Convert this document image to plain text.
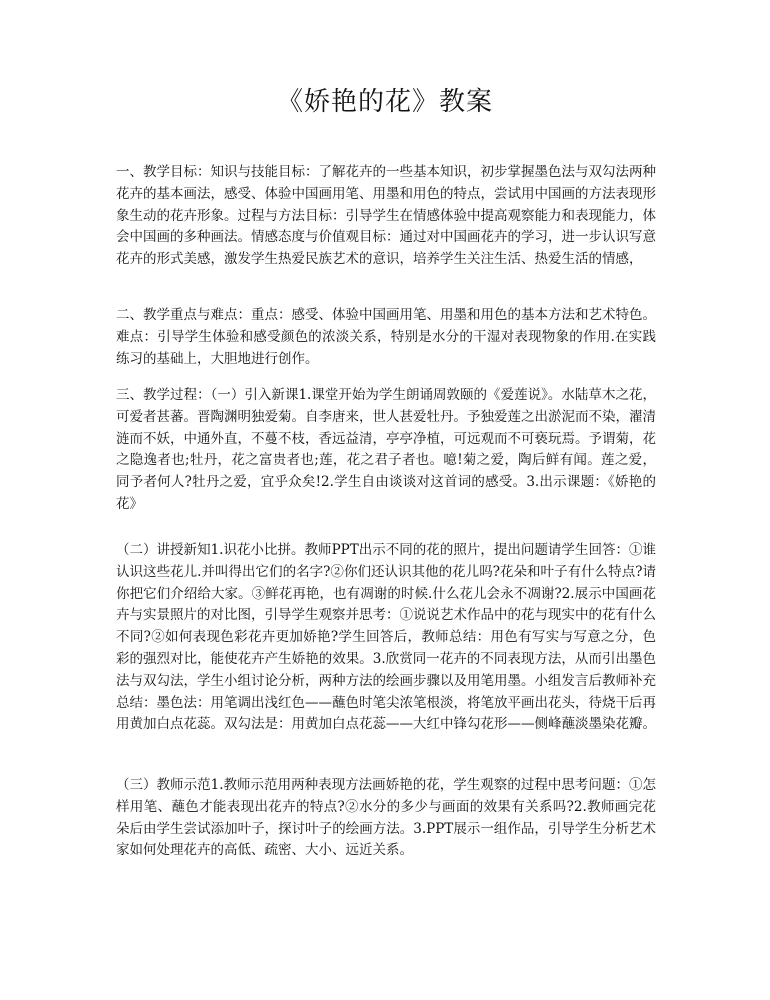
《娇艳的花》教案

一、教学目标：知识与技能目标：了解花卉的一些基本知识，初步掌握墨色法与双勾法两种花卉的基本画法，感受、体验中国画用笔、用墨和用色的特点，尝试用中国画的方法表现形象生动的花卉形象。过程与方法目标：引导学生在情感体验中提高观察能力和表现能力，体会中国画的多种画法。情感态度与价值观目标：通过对中国画花卉的学习，进一步认识写意花卉的形式美感，激发学生热爱民族艺术的意识，培养学生关注生活、热爱生活的情感，

二、教学重点与难点：重点：感受、体验中国画用笔、用墨和用色的基本方法和艺术特色。难点：引导学生体验和感受颜色的浓淡关系，特别是水分的干湿对表现物象的作用.在实践练习的基础上，大胆地进行创作。

三、教学过程：（一）引入新课1.课堂开始为学生朗诵周敦颐的《爱莲说》。水陆草木之花，可爱者甚蕃。晋陶渊明独爱菊。自李唐来，世人甚爱牡丹。予独爱莲之出淤泥而不染，濯清涟而不妖，中通外直，不蔓不枝，香远益清，亭亭净植，可远观而不可亵玩焉。予谓菊，花之隐逸者也;牡丹，花之富贵者也;莲，花之君子者也。噫!菊之爱，陶后鲜有闻。莲之爱，同予者何人?牡丹之爱，宜乎众矣!2.学生自由谈谈对这首词的感受。3.出示课题：《娇艳的花》

（二）讲授新知1.识花小比拼。教师PPT出示不同的花的照片，提出问题请学生回答：①谁认识这些花儿.并叫得出它们的名字?②你们还认识其他的花儿吗?花朵和叶子有什么特点?请你把它们介绍给大家。③鲜花再艳，也有凋谢的时候.什么花儿会永不凋谢?2.展示中国画花卉与实景照片的对比图，引导学生观察并思考：①说说艺术作品中的花与现实中的花有什么不同?②如何表现色彩花卉更加娇艳?学生回答后，教师总结：用色有写实与写意之分，色彩的强烈对比，能使花卉产生娇艳的效果。3.欣赏同一花卉的不同表现方法，从而引出墨色法与双勾法，学生小组讨论分析，两种方法的绘画步骤以及用笔用墨。小组发言后教师补充总结：墨色法：用笔调出浅红色——蘸色时笔尖浓笔根淡，将笔放平画出花头，待烧干后再用黄加白点花蕊。双勾法是：用黄加白点花蕊——大红中锋勾花形——侧峰蘸淡墨染花瓣。

（三）教师示范1.教师示范用两种表现方法画娇艳的花，学生观察的过程中思考问题：①怎样用笔、蘸色才能表现出花卉的特点?②水分的多少与画面的效果有关系吗?2.教师画完花朵后由学生尝试添加叶子，探讨叶子的绘画方法。3.PPT展示一组作品，引导学生分析艺术家如何处理花卉的高低、疏密、大小、远近关系。
